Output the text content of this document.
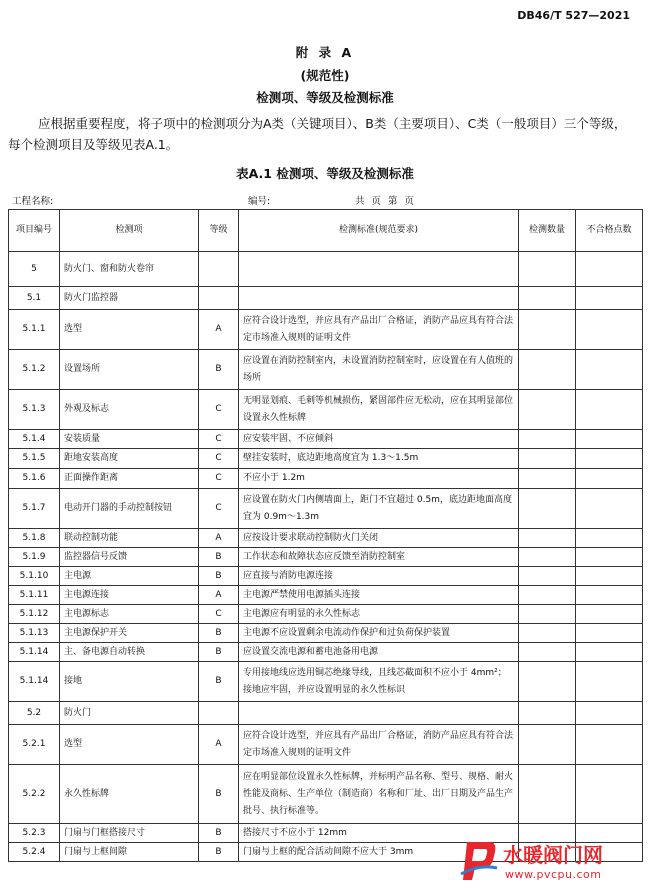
DB46/T 527—2021
附 录 A
(规范性)
检测项、等级及检测标准
应根据重要程度，将子项中的检测项分为A类（关键项目）、B类（主要项目）、C类（一般项目）三个等级，每个检测项目及等级见表A.1。
表A.1 检测项、等级及检测标准
工程名称:	编号:	共 页 第 页
项目编号	检测项	等级	检测标准(规范要求)	检测数量	不合格点数
5	防火门、窗和防火卷帘				
5.1	防火门监控器				
5.1.1	选型	A	应符合设计选型，并应具有产品出厂合格证，消防产品应具有符合法定市场准入规则的证明文件		
5.1.2	设置场所	B	应设置在消防控制室内，未设置消防控制室时，应设置在有人值班的场所		
5.1.3	外观及标志	C	无明显划痕、毛刺等机械损伤，紧固部件应无松动，应在其明显部位设置永久性标牌		
5.1.4	安装质量	C	应安装牢固、不应倾斜		
5.1.5	距地安装高度	C	壁挂安装时，底边距地高度宜为 1.3～1.5m		
5.1.6	正面操作距离	C	不应小于 1.2m		
5.1.7	电动开门器的手动控制按钮	C	应设置在防火门内侧墙面上，距门不宜超过 0.5m，底边距地面高度宜为 0.9m～1.3m		
5.1.8	联动控制功能	A	应按设计要求联动控制防火门关闭		
5.1.9	监控器信号反馈	B	工作状态和故障状态应反馈至消防控制室		
5.1.10	主电源	B	应直接与消防电源连接		
5.1.11	主电源连接	A	主电源严禁使用电源插头连接		
5.1.12	主电源标志	C	主电源应有明显的永久性标志		
5.1.13	主电源保护开关	B	主电源不应设置剩余电流动作保护和过负荷保护装置		
5.1.14	主、备电源自动转换	B	应设置交流电源和蓄电池备用电源		
5.1.14	接地	B	专用接地线应选用铜芯绝缘导线，且线芯截面积不应小于 4mm²；接地应牢固，并应设置明显的永久性标识		
5.2	防火门				
5.2.1	选型	A	应符合设计选型，并应具有产品出厂合格证，消防产品应具有符合法定市场准入规则的证明文件		
5.2.2	永久性标牌	B	应在明显部位设置永久性标牌，并标明产品名称、型号、规格、耐火性能及商标、生产单位（制造商）名称和厂址、出厂日期及产品生产批号、执行标准等。		
5.2.3	门扇与门框搭接尺寸	B	搭接尺寸不应小于 12mm		
5.2.4	门扇与上框间隙	B	门扇与上框的配合活动间隙不应大于 3mm			水暖阀门网
www.pvcpu.com
